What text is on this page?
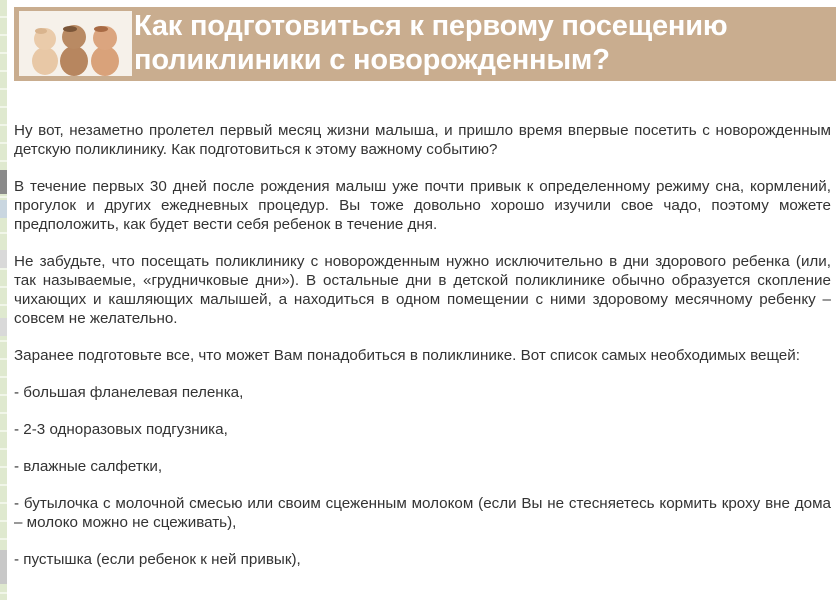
Как подготовиться к первому посещению поликлиники с новорожденным?

Ну вот, незаметно пролетел первый месяц жизни малыша, и пришло время впервые посетить с новорожденным детскую поликлинику. Как подготовиться к этому важному событию?

В течение первых 30 дней после рождения малыш уже почти привык к определенному режиму сна, кормлений, прогулок и других ежедневных процедур. Вы тоже довольно хорошо изучили свое чадо, поэтому можете предположить, как будет вести себя ребенок в течение дня.

Не забудьте, что посещать поликлинику с новорожденным нужно исключительно в дни здорового ребенка (или, так называемые, «грудничковые дни»). В остальные дни в детской поликлинике обычно образуется скопление чихающих и кашляющих малышей, а находиться в одном помещении с ними здоровому месячному ребенку – совсем не желательно.

Заранее подготовьте все, что может Вам понадобиться в поликлинике. Вот список самых необходимых вещей:

- большая фланелевая пеленка,

- 2-3 одноразовых подгузника,

- влажные салфетки,

- бутылочка с молочной смесью или своим сцеженным молоком (если Вы не стесняетесь кормить кроху вне дома – молоко можно не сцеживать),

- пустышка (если ребенок к ней привык),
